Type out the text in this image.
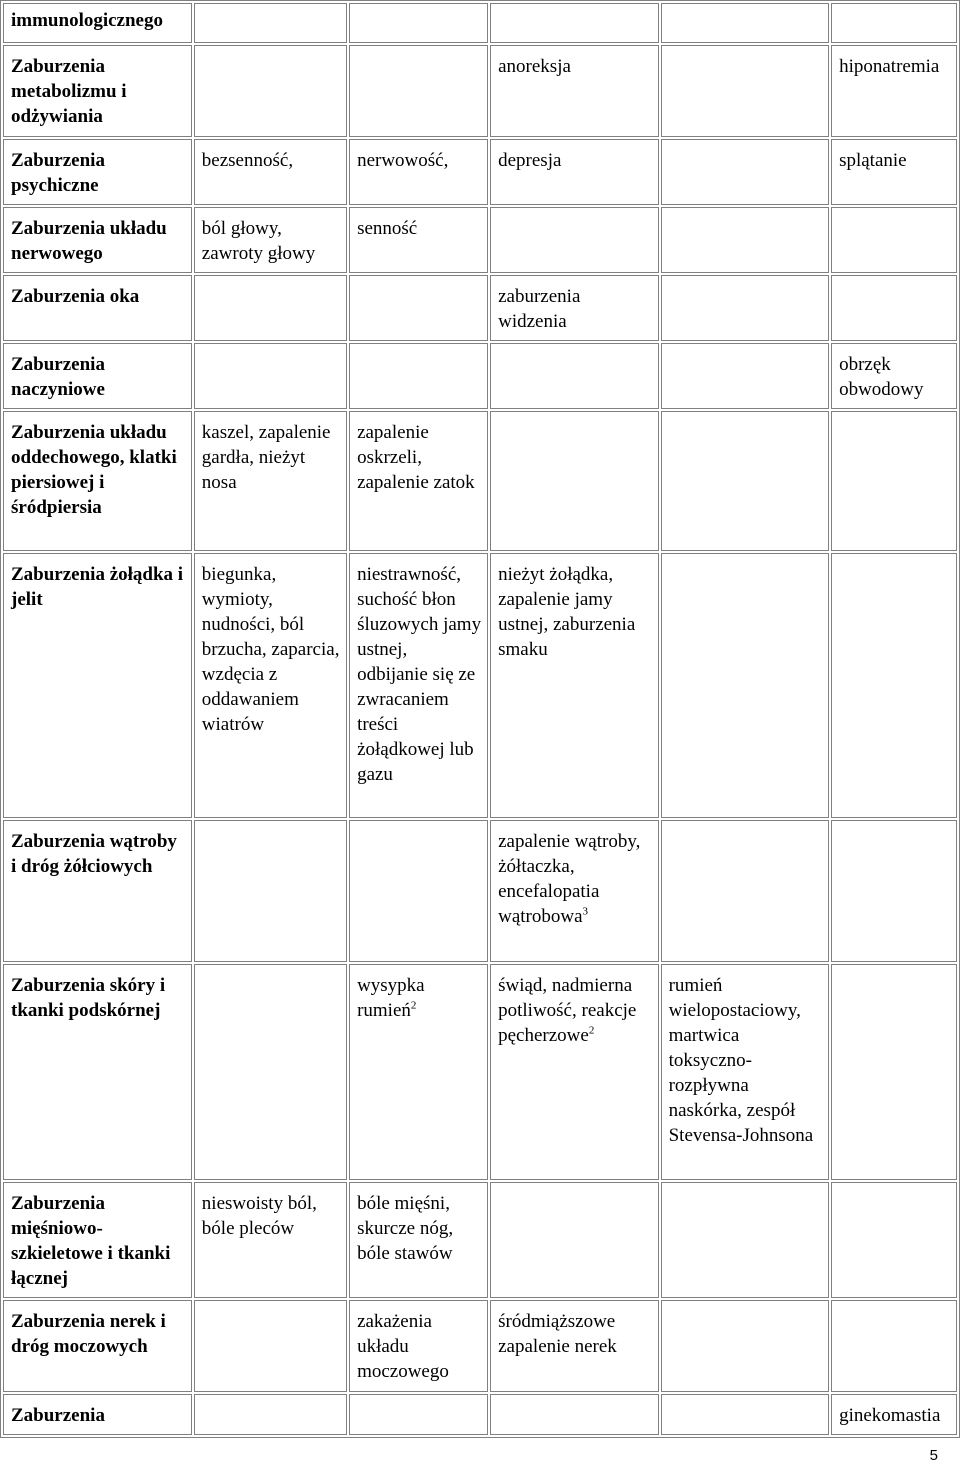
immunologicznego					
Zaburzenia metabolizmu i odżywiania			anoreksja		hiponatremia
Zaburzenia psychiczne	bezsenność,	nerwowość,	depresja		splątanie
Zaburzenia układu nerwowego	ból głowy, zawroty głowy	senność			
Zaburzenia oka			zaburzenia widzenia		
Zaburzenia naczyniowe					obrzęk obwodowy
Zaburzenia układu oddechowego, klatki piersiowej i śródpiersia	kaszel, zapalenie gardła, nieżyt nosa	zapalenie oskrzeli, zapalenie zatok			
Zaburzenia żołądka i jelit	biegunka, wymioty, nudności, ból brzucha, zaparcia, wzdęcia z oddawaniem wiatrów	niestrawność, suchość błon śluzowych jamy ustnej, odbijanie się ze zwracaniem treści żołądkowej lub gazu	nieżyt żołądka, zapalenie jamy ustnej, zaburzenia smaku		
Zaburzenia wątroby i dróg żółciowych			zapalenie wątroby, żółtaczka, encefalopatia wątrobowa$^3$		
Zaburzenia skóry i tkanki podskórnej		wysypka rumień$^2$	świąd, nadmierna potliwość, reakcje pęcherzowe$^2$	rumień wielopostaciowy, martwica toksyczno-rozpływna naskórka, zespół Stevensa-Johnsona	
Zaburzenia mięśniowo-szkieletowe i tkanki łącznej	nieswoisty ból, bóle pleców	bóle mięśni, skurcze nóg, bóle stawów			
Zaburzenia nerek i dróg moczowych		zakażenia układu moczowego	śródmiąższowe zapalenie nerek		
Zaburzenia					ginekomastia
5
